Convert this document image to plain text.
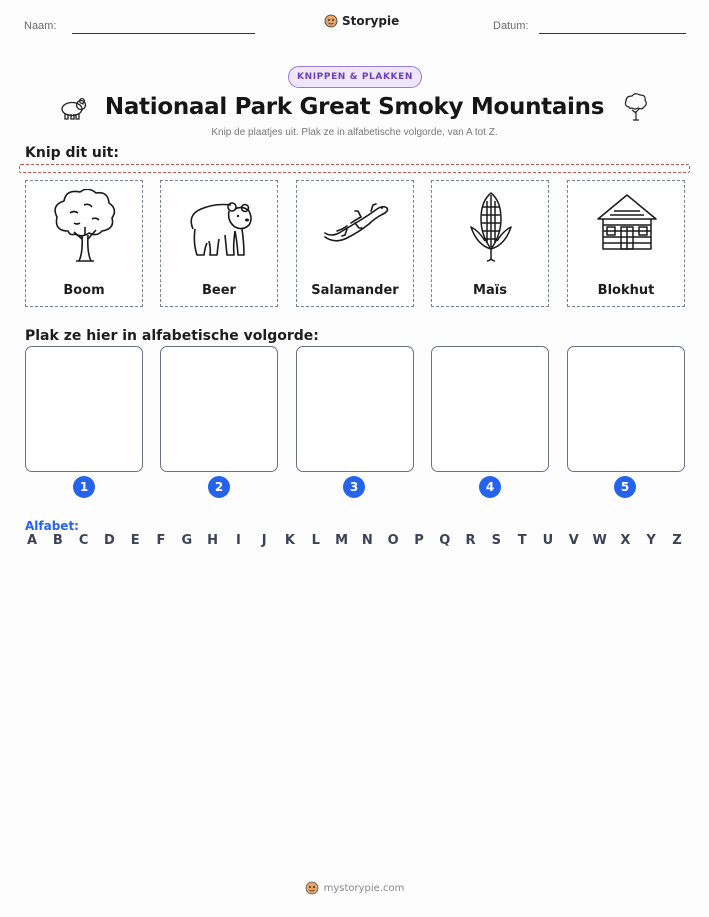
Naam:	Storypie	Datum:
KNIPPEN & PLAKKEN
Nationaal Park Great Smoky Mountains
Knip de plaatjes uit. Plak ze in alfabetische volgorde, van A tot Z.
Knip dit uit:
Boom	Beer	Salamander	Maïs	Blokhut
Plak ze hier in alfabetische volgorde:
1	2	3	4	5
Alfabet:
A B C D E F G H	I	J	K L M N O P Q R S T U V W X Y Z
mystorypie.com
